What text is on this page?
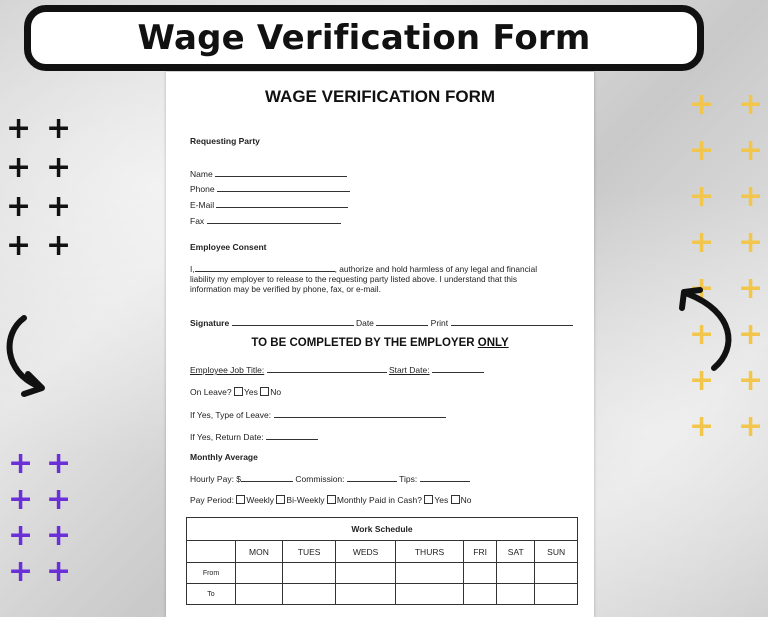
Wage Verification Form
+ +
+ +
+ +
+ +
+ +
+ +
+ +
+ +
+ +
+ +
+ +
+ +
+ +
+ +
+ +
+ +
WAGE VERIFICATION FORM
Requesting Party
Name
Phone
E-Mail
Fax
Employee Consent
I,	, authorize and hold harmless of any legal and financial
liability my employer to release to the requesting party listed above. I understand that this
information may be verified by phone, fax, or e-mail.
Signature	Date	Print
TO BE COMPLETED BY THE EMPLOYER ONLY
Employee Job Title:	Start Date:
On Leave? Yes No
If Yes, Type of Leave:
If Yes, Return Date:
Monthly Average
Hourly Pay: $	Commission:	Tips:
Pay Period: Weekly Bi-Weekly Monthly Paid in Cash? Yes No
Work Schedule							
	MON	TUES	WEDS	THURS	FRI	SAT	SUN
From							
To							
